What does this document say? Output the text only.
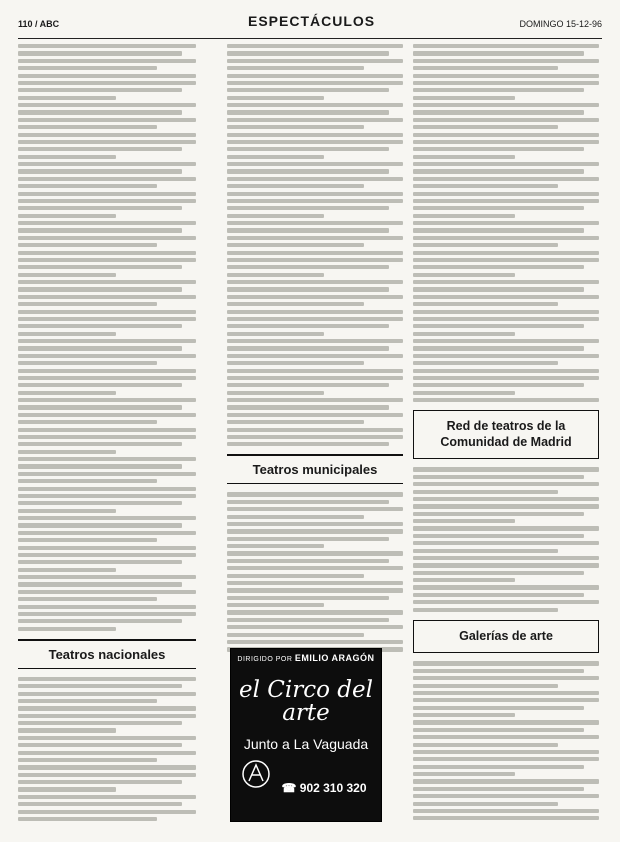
110 / ABC	ESPECTÁCULOS	DOMINGO 15-12-96
Teatros nacionales
Teatros municipales
Red de teatros de la Comunidad de Madrid
Galerías de arte
DIRIGIDO POR EMILIO ARAGÓN
el Circo del arte
Junto a La Vaguada

☎ 902 310 320
